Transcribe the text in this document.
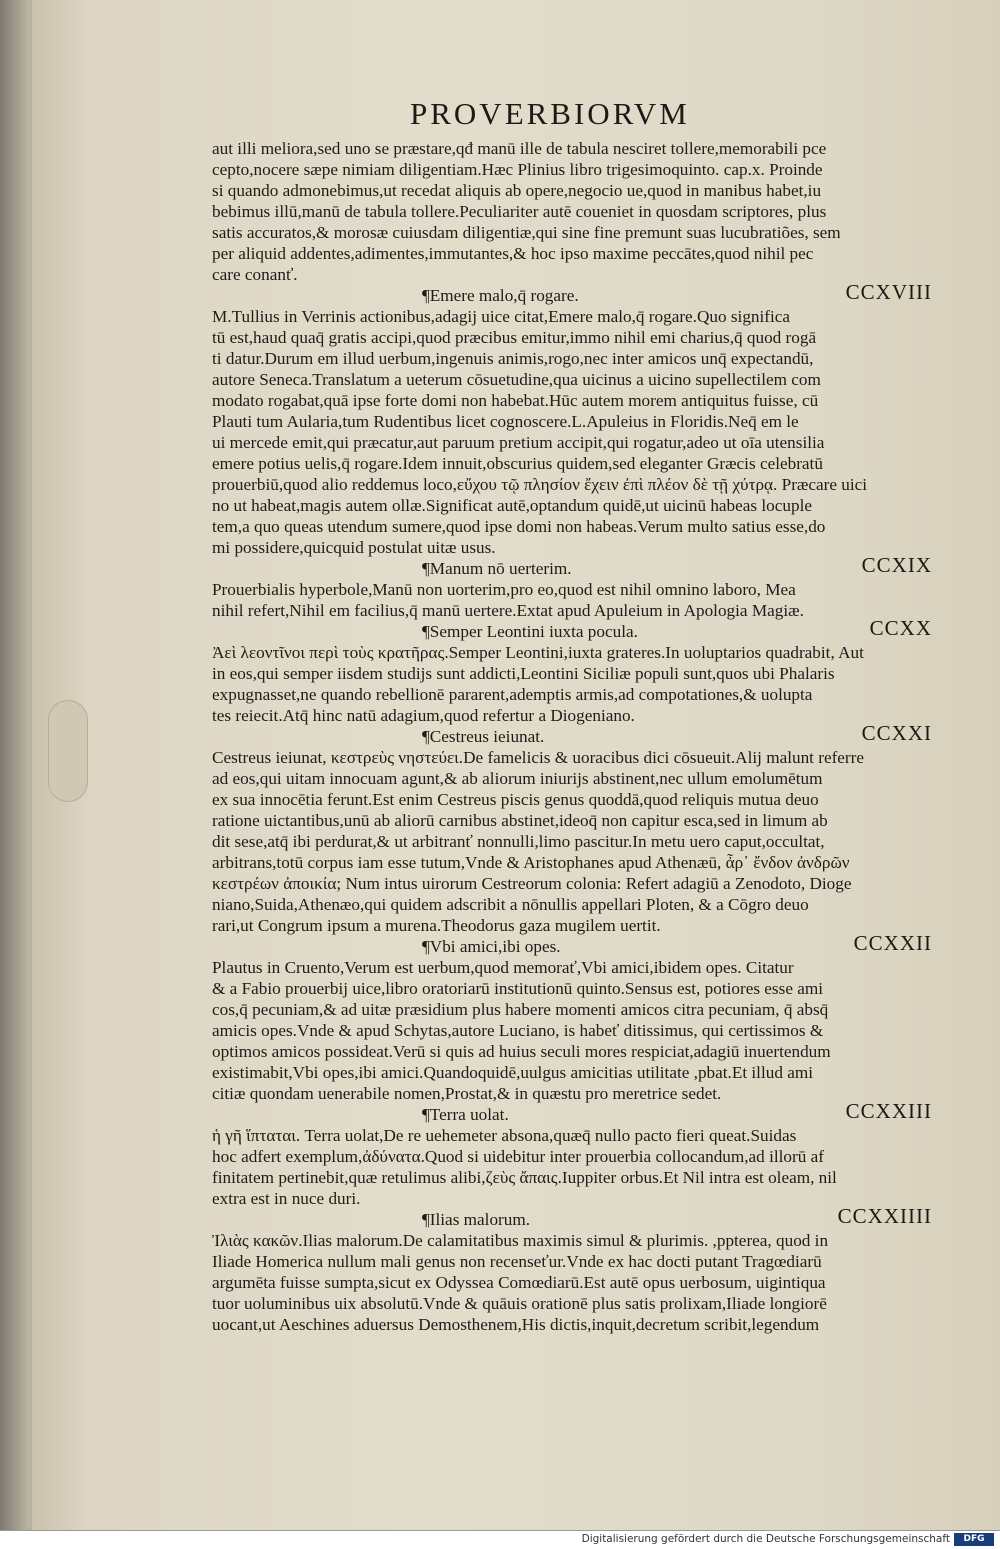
PROVERBIORVM
aut illi meliora,sed uno se præstare,qđ manū ille de tabula nesciret tollere,memorabili pce
cepto,nocere sæpe nimiam diligentiam.Hæc Plinius libro trigesimoquinto. cap.x. Proinde
si quando admonebimus,ut recedat aliquis ab opere,negocio ue,quod in manibus habet,iu
bebimus illū,manū de tabula tollere.Peculiariter autē coueniet in quosdam scriptores, plus
satis accuratos,& morosæ cuiusdam diligentiæ,qui sine fine premunt suas lucubratiões, sem
per aliquid addentes,adimentes,immutantes,& hoc ipso maxime peccātes,quod nihil pec
care conanť.
¶Emere malo,q̄ rogare.	CCXVIII
M.Tullius in Verrinis actionibus,adagij uice citat,Emere malo,q̄ rogare.Quo significa
tū est,haud quaq̄ gratis accipi,quod præcibus emitur,immo nihil emi charius,q̄ quod rogā
ti datur.Durum em illud uerbum,ingenuis animis,rogo,nec inter amicos unq̄ expectandū,
autore Seneca.Translatum a ueterum cōsuetudine,qua uicinus a uicino supellectilem com
modato rogabat,quā ipse forte domi non habebat.Hūc autem morem antiquitus fuisse, cū
Plauti tum Aularia,tum Rudentibus licet cognoscere.L.Apuleius in Floridis.Neq̄ em le
ui mercede emit,qui præcatur,aut paruum pretium accipit,qui rogatur,adeo ut oīa utensilia
emere potius uelis,q̄ rogare.Idem innuit,obscurius quidem,sed eleganter Græcis celebratū
prouerbiū,quod alio reddemus loco,εὔχου τῷ πλησίον ἔχειν ἐπὶ πλέον δὲ τῇ χύτρᾳ. Præcare uici
no ut habeat,magis autem ollæ.Significat autē,optandum quidē,ut uicinū habeas locuple
tem,a quo queas utendum sumere,quod ipse domi non habeas.Verum multo satius esse,do
mi possidere,quicquid postulat uitæ usus.
¶Manum nō uerterim.	CCXIX
Prouerbialis hyperbole,Manū non uorterim,pro eo,quod est nihil omnino laboro, Mea
nihil refert,Nihil em facilius,q̄ manū uertere.Extat apud Apuleium in Apologia Magiæ.
¶Semper Leontini iuxta pocula.	CCXX
Ἀεὶ λεοντῖνοι περὶ τοὺς κρατῆρας.Semper Leontini,iuxta grateres.In uoluptarios quadrabit, Aut
in eos,qui semper iisdem studijs sunt addicti,Leontini Siciliæ populi sunt,quos ubi Phalaris
expugnasset,ne quando rebellionē pararent,ademptis armis,ad compotationes,& uolupta
tes reiecit.Atq̄ hinc natū adagium,quod refertur a Diogeniano.
¶Cestreus ieiunat.	CCXXI
Cestreus ieiunat, κεστρεὺς νηστεύει.De famelicis & uoracibus dici cōsueuit.Alij malunt referre
ad eos,qui uitam innocuam agunt,& ab aliorum iniurijs abstinent,nec ullum emolumētum
ex sua innocētia ferunt.Est enim Cestreus piscis genus quoddā,quod reliquis mutua deuo
ratione uictantibus,unū ab aliorū carnibus abstinet,ideoq̄ non capitur esca,sed in limum ab
dit sese,atq̄ ibi perdurat,& ut arbitranť nonnulli,limo pascitur.In metu uero caput,occultat,
arbitrans,totū corpus iam esse tutum,Vnde & Aristophanes apud Athenæū, ἆρ᾽ ἔνδον ἀνδρῶν
κεστρέων ἀποικία; Num intus uirorum Cestreorum colonia: Refert adagiū a Zenodoto, Dioge
niano,Suida,Athenæo,qui quidem adscribit a nōnullis appellari Ploten, & a Cōgro deuo
rari,ut Congrum ipsum a murena.Theodorus gaza mugilem uertit.
¶Vbi amici,ibi opes.	CCXXII
Plautus in Cruento,Verum est uerbum,quod memorať,Vbi amici,ibidem opes. Citatur
& a Fabio prouerbij uice,libro oratoriarū institutionū quinto.Sensus est, potiores esse ami
cos,q̄ pecuniam,& ad uitæ præsidium plus habere momenti amicos citra pecuniam, q̄ absq̄
amicis opes.Vnde & apud Schytas,autore Luciano, is habeť ditissimus, qui certissimos &
optimos amicos possideat.Verū si quis ad huius seculi mores respiciat,adagiū inuertendum
existimabit,Vbi opes,ibi amici.Quandoquidē,uulgus amicitias utilitate ,pbat.Et illud ami
citiæ quondam uenerabile nomen,Prostat,& in quæstu pro meretrice sedet.
¶Terra uolat.	CCXXIII
ἡ γῆ ἵπταται. Terra uolat,De re uehemeter absona,quæq̄ nullo pacto fieri queat.Suidas
hoc adfert exemplum,ἀδύνατα.Quod si uidebitur inter prouerbia collocandum,ad illorū af
finitatem pertinebit,quæ retulimus alibi,ζεὺς ἄπαις.Iuppiter orbus.Et Nil intra est oleam, nil
extra est in nuce duri.
¶Ilias malorum.	CCXXIIII
Ἰλιὰς κακῶν.Ilias malorum.De calamitatibus maximis simul & plurimis. ,ppterea, quod in
Iliade Homerica nullum mali genus non recenseťur.Vnde ex hac docti putant Tragœdiarū
argumēta fuisse sumpta,sicut ex Odyssea Comœdiarū.Est autē opus uerbosum, uigintiqua
tuor uoluminibus uix absolutū.Vnde & quāuis orationē plus satis prolixam,Iliade longiorē
uocant,ut Aeschines aduersus Demosthenem,His dictis,inquit,decretum scribit,legendum
Digitalisierung gefördert durch die Deutsche Forschungsgemeinschaft	DFG
